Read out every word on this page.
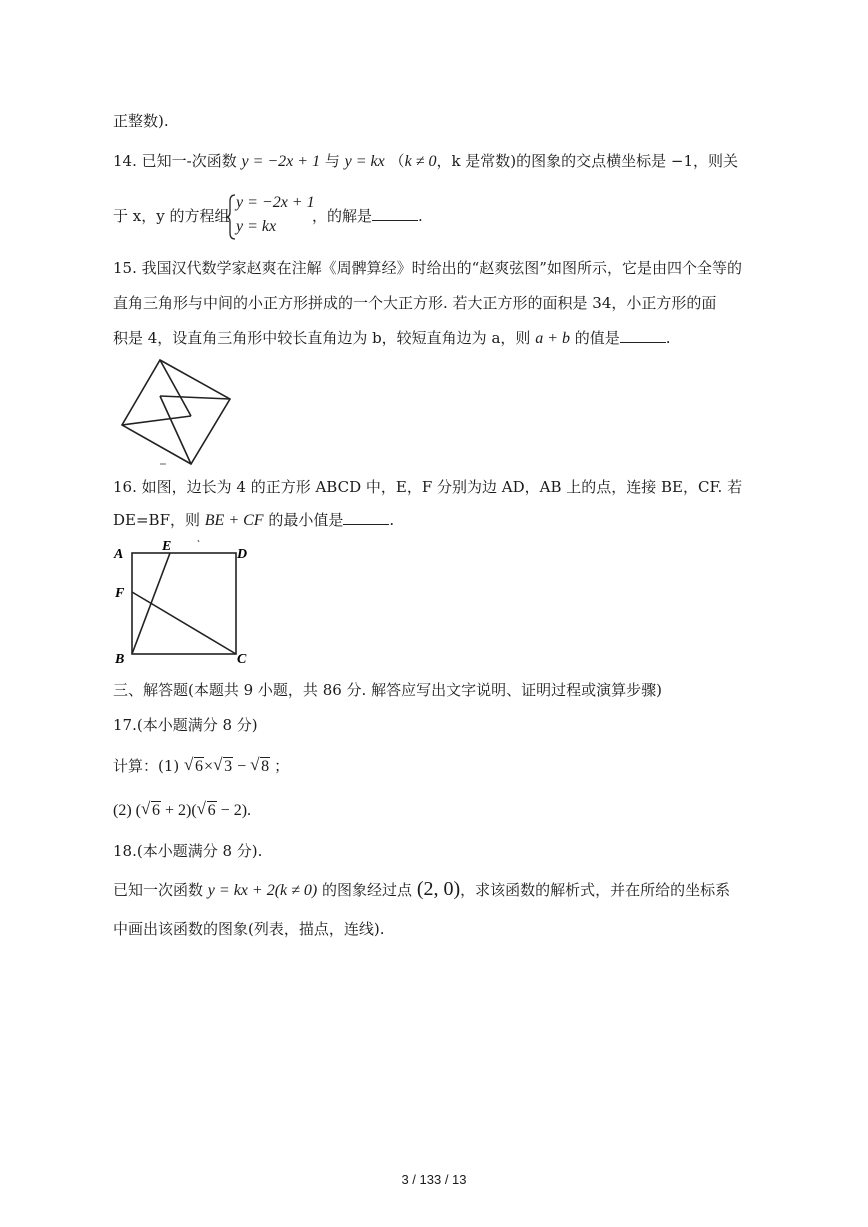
正整数).
14. 已知一-次函数 y = −2x + 1 与 y = kx （k ≠ 0，k 是常数)的图象的交点横坐标是 −1，则关
于 x，y 的方程组
y = −2x + 1
y = kx
，的解是	.
15. 我国汉代数学家赵爽在注解《周髀算经》时给出的“赵爽弦图”如图所示，它是由四个全等的
直角三角形与中间的小正方形拼成的一个大正方形. 若大正方形的面积是 34，小正方形的面
积是 4，设直角三角形中较长直角边为 b，较短直角边为 a，则 a + b 的值是	.
16. 如图，边长为 4 的正方形 ABCD 中，E，F 分别为边 AD，AB 上的点，连接 BE，CF. 若
DE=BF，则 BE + CF 的最小值是	.
A
E
D
F
B	C
三、解答题(本题共 9 小题，共 86 分. 解答应写出文字说明、证明过程或演算步骤)
17.(本小题满分 8 分)
计算：(1) √ 6× √ 3 − √ 8 ；
(2) ( √ 6 + 2)( √ 6 − 2).
18.(本小题满分 8 分).
已知一次函数 y = kx + 2(k ≠ 0) 的图象经过点 (2, 0)，求该函数的解析式，并在所给的坐标系
中画出该函数的图象(列表，描点，连线).
3 / 133 / 13
